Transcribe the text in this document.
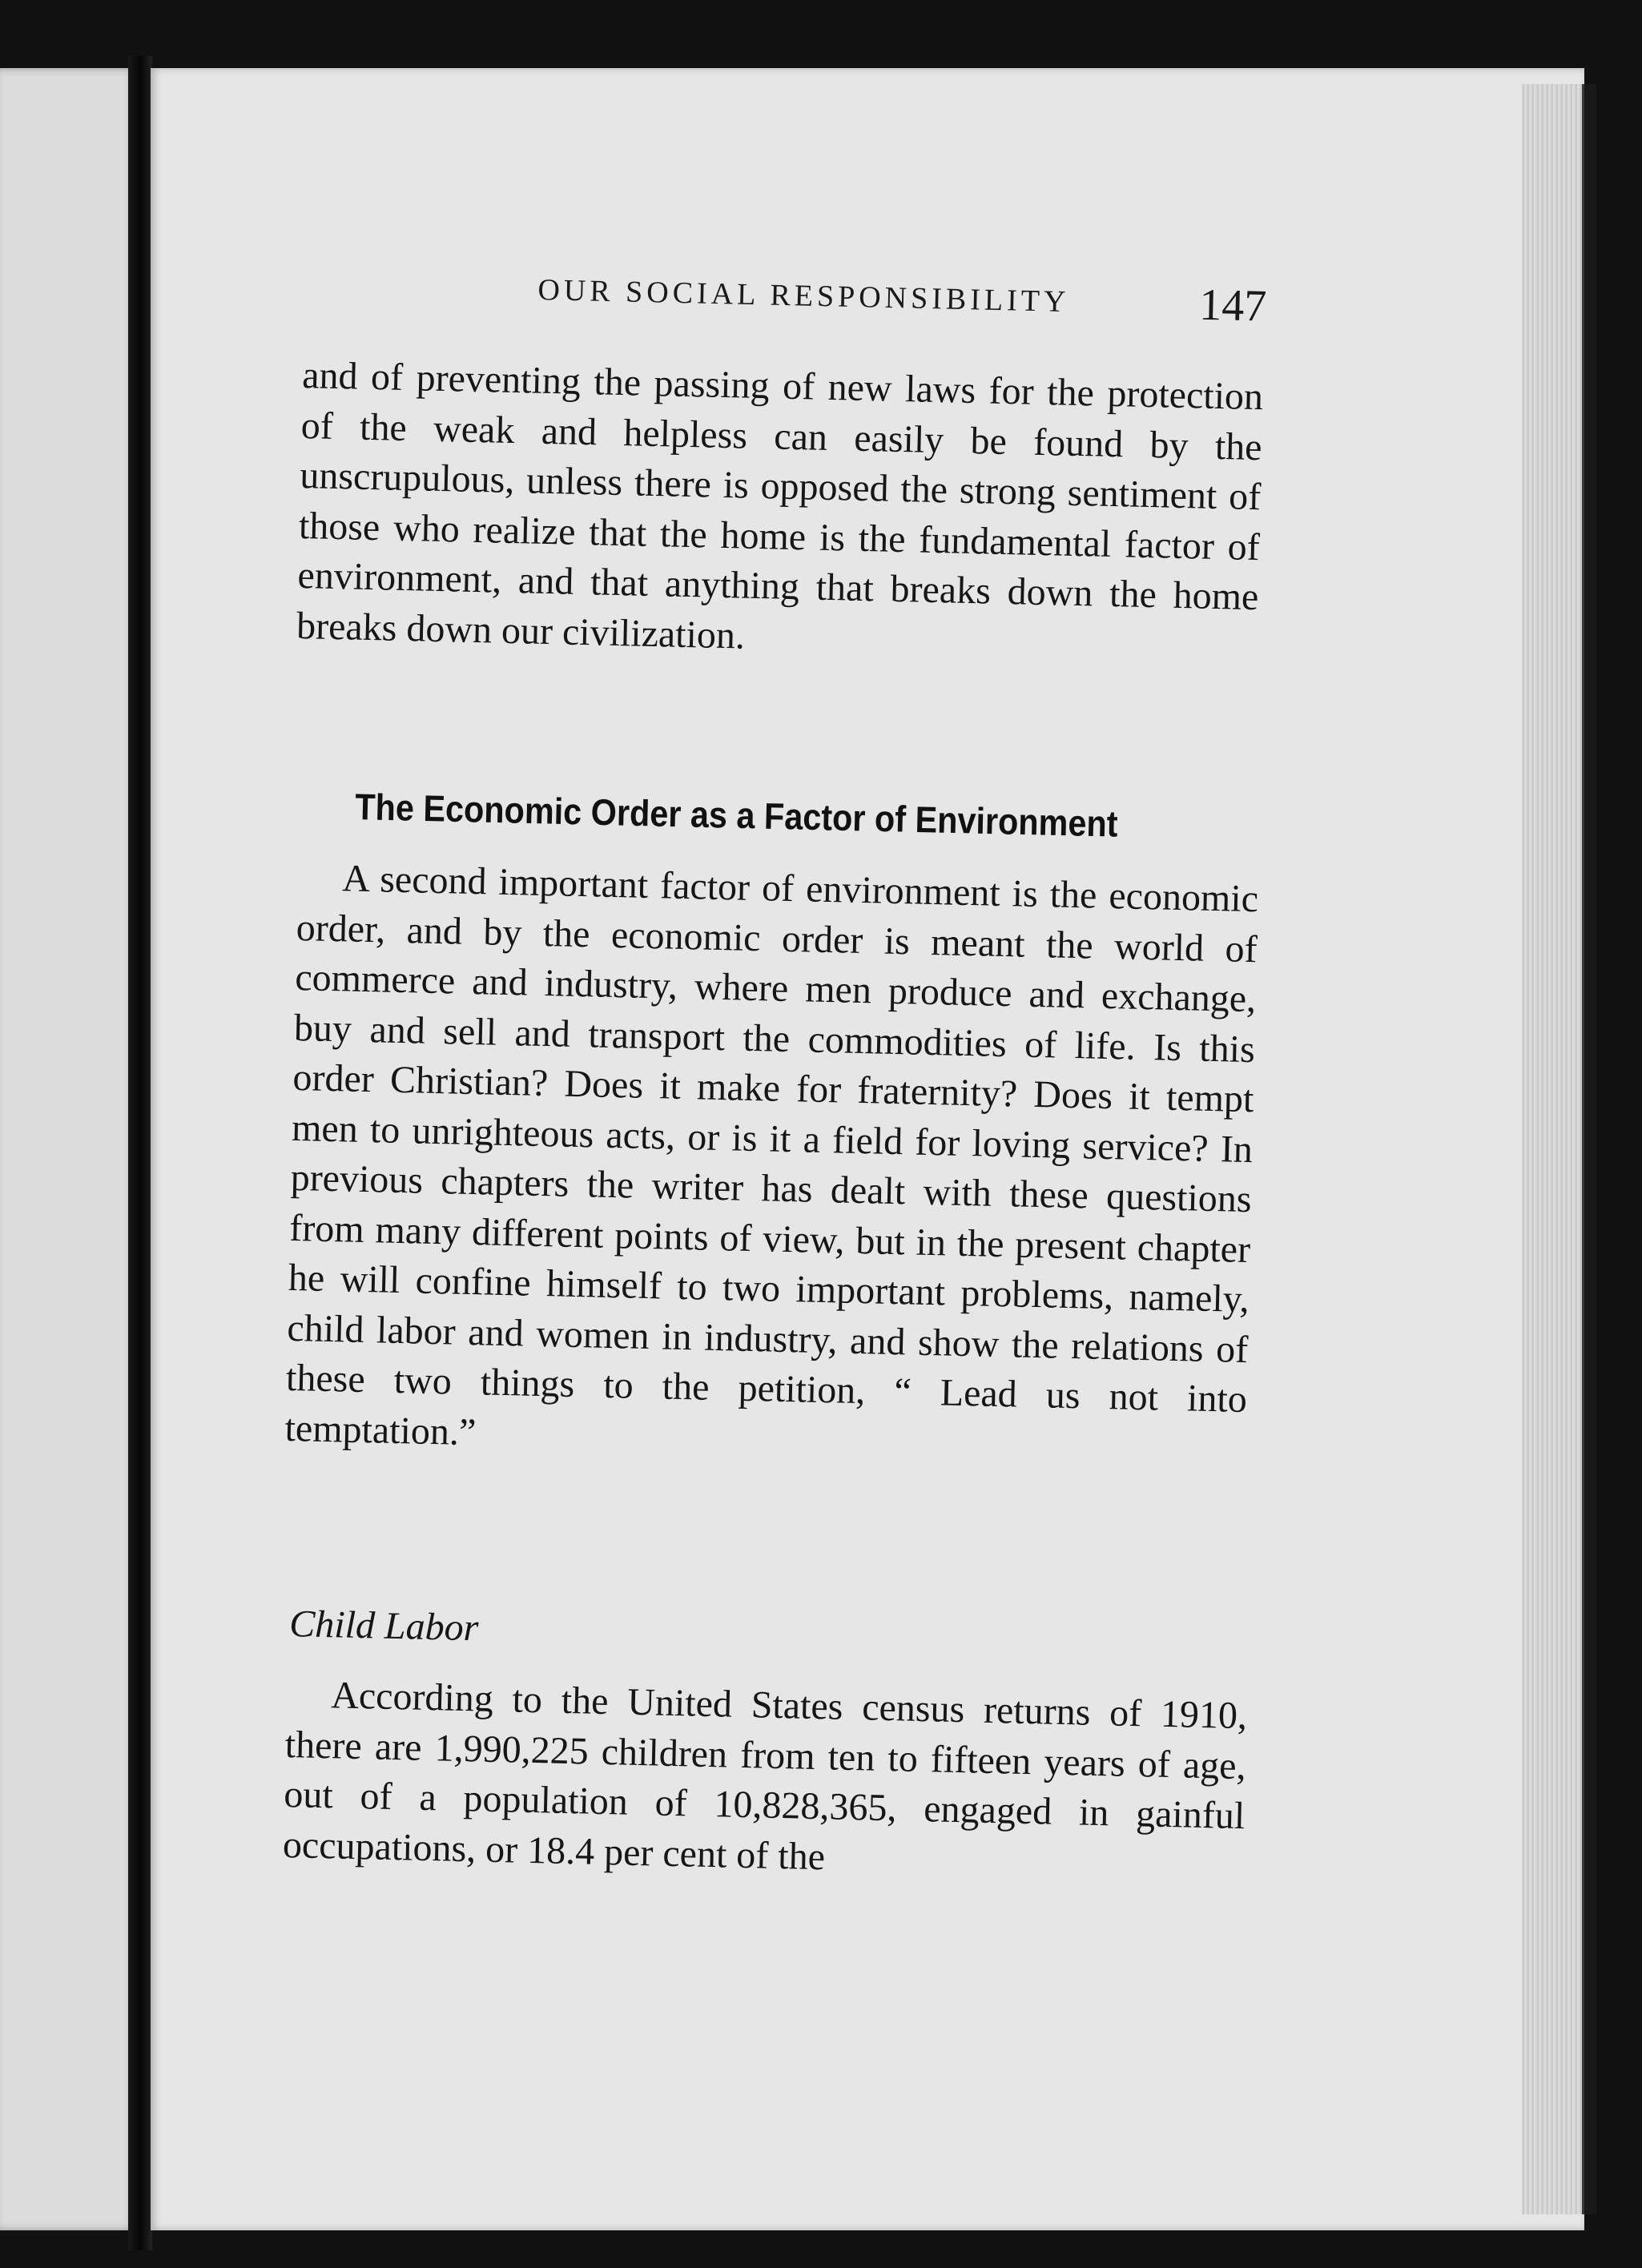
OUR SOCIAL RESPONSIBILITY	147

and of preventing the passing of new laws for the protection of the weak and helpless can easily be found by the unscrupulous, unless there is opposed the strong sentiment of those who realize that the home is the fundamental factor of environment, and that anything that breaks down the home breaks down our civilization.

The Economic Order as a Factor of Environment

A second important factor of environment is the economic order, and by the economic order is meant the world of commerce and industry, where men produce and exchange, buy and sell and transport the commodities of life. Is this order Christian? Does it make for fraternity? Does it tempt men to unrighteous acts, or is it a field for loving service? In previous chapters the writer has dealt with these questions from many different points of view, but in the present chapter he will confine himself to two important problems, namely, child labor and women in industry, and show the relations of these two things to the petition, “ Lead us not into temptation.”

Child Labor

According to the United States census returns of 1910, there are 1,990,225 children from ten to fifteen years of age, out of a population of 10,828,365, engaged in gainful occupations, or 18.4 per cent of the
